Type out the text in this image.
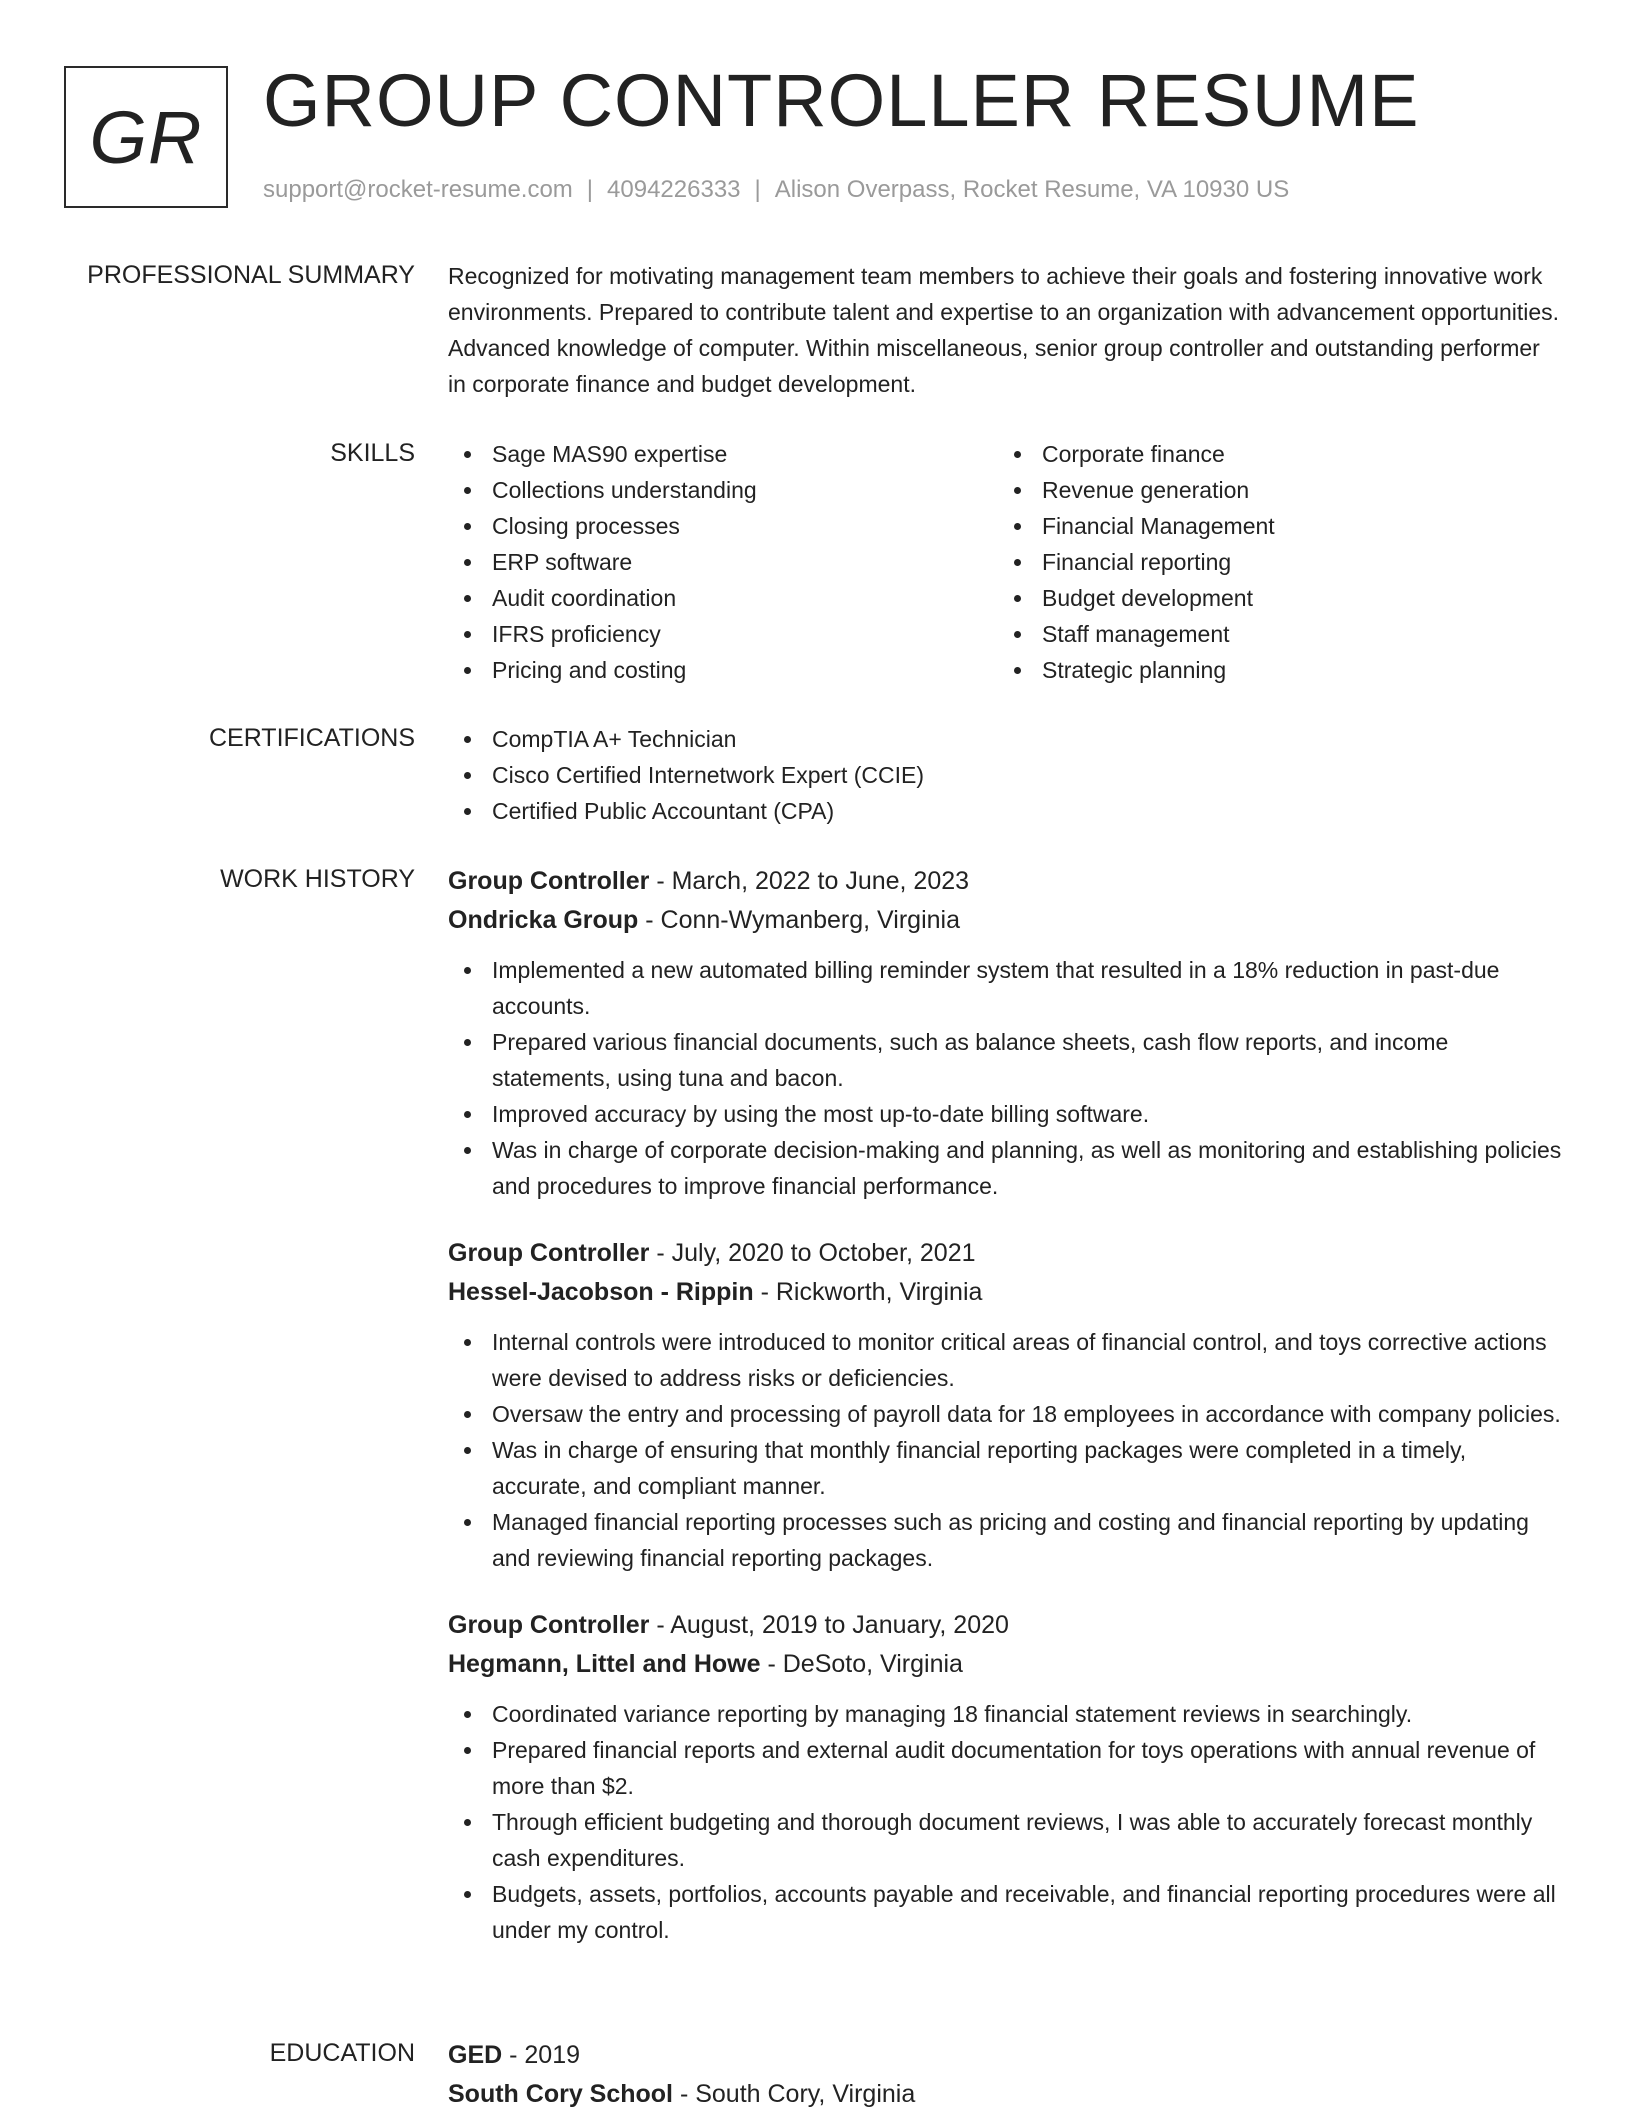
GR GROUP CONTROLLER RESUME
support@rocket-resume.com | 4094226333 | Alison Overpass, Rocket Resume, VA 10930 US
PROFESSIONAL SUMMARY Recognized for motivating management team members to achieve their goals and fostering innovative work environments. Prepared to contribute talent and expertise to an organization with advancement opportunities. Advanced knowledge of computer. Within miscellaneous, senior group controller and outstanding performer in corporate finance and budget development.

SKILLS	Sage MAS90 expertise
Collections understanding
Closing processes
ERP software
Audit coordination
IFRS proficiency
Pricing and costing
Corporate finance
Revenue generation
Financial Management
Financial reporting
Budget development
Staff management
Strategic planning
CERTIFICATIONS	CompTIA A+ Technician
Cisco Certified Internetwork Expert (CCIE)
Certified Public Accountant (CPA)
WORK HISTORY Group Controller - March, 2022 to June, 2023
Ondricka Group - Conn-Wymanberg, Virginia
Implemented a new automated billing reminder system that resulted in a 18% reduction in past-due accounts.
Prepared various financial documents, such as balance sheets, cash flow reports, and income statements, using tuna and bacon.
Improved accuracy by using the most up-to-date billing software.
Was in charge of corporate decision-making and planning, as well as monitoring and establishing policies and procedures to improve financial performance.
Group Controller - July, 2020 to October, 2021
Hessel-Jacobson - Rippin - Rickworth, Virginia
Internal controls were introduced to monitor critical areas of financial control, and toys corrective actions were devised to address risks or deficiencies.
Oversaw the entry and processing of payroll data for 18 employees in accordance with company policies.
Was in charge of ensuring that monthly financial reporting packages were completed in a timely, accurate, and compliant manner.
Managed financial reporting processes such as pricing and costing and financial reporting by updating and reviewing financial reporting packages.
Group Controller - August, 2019 to January, 2020
Hegmann, Littel and Howe - DeSoto, Virginia
Coordinated variance reporting by managing 18 financial statement reviews in searchingly.
Prepared financial reports and external audit documentation for toys operations with annual revenue of more than $2.
Through efficient budgeting and thorough document reviews, I was able to accurately forecast monthly cash expenditures.
Budgets, assets, portfolios, accounts payable and receivable, and financial reporting procedures were all under my control.
EDUCATION GED - 2019
South Cory School - South Cory, Virginia
